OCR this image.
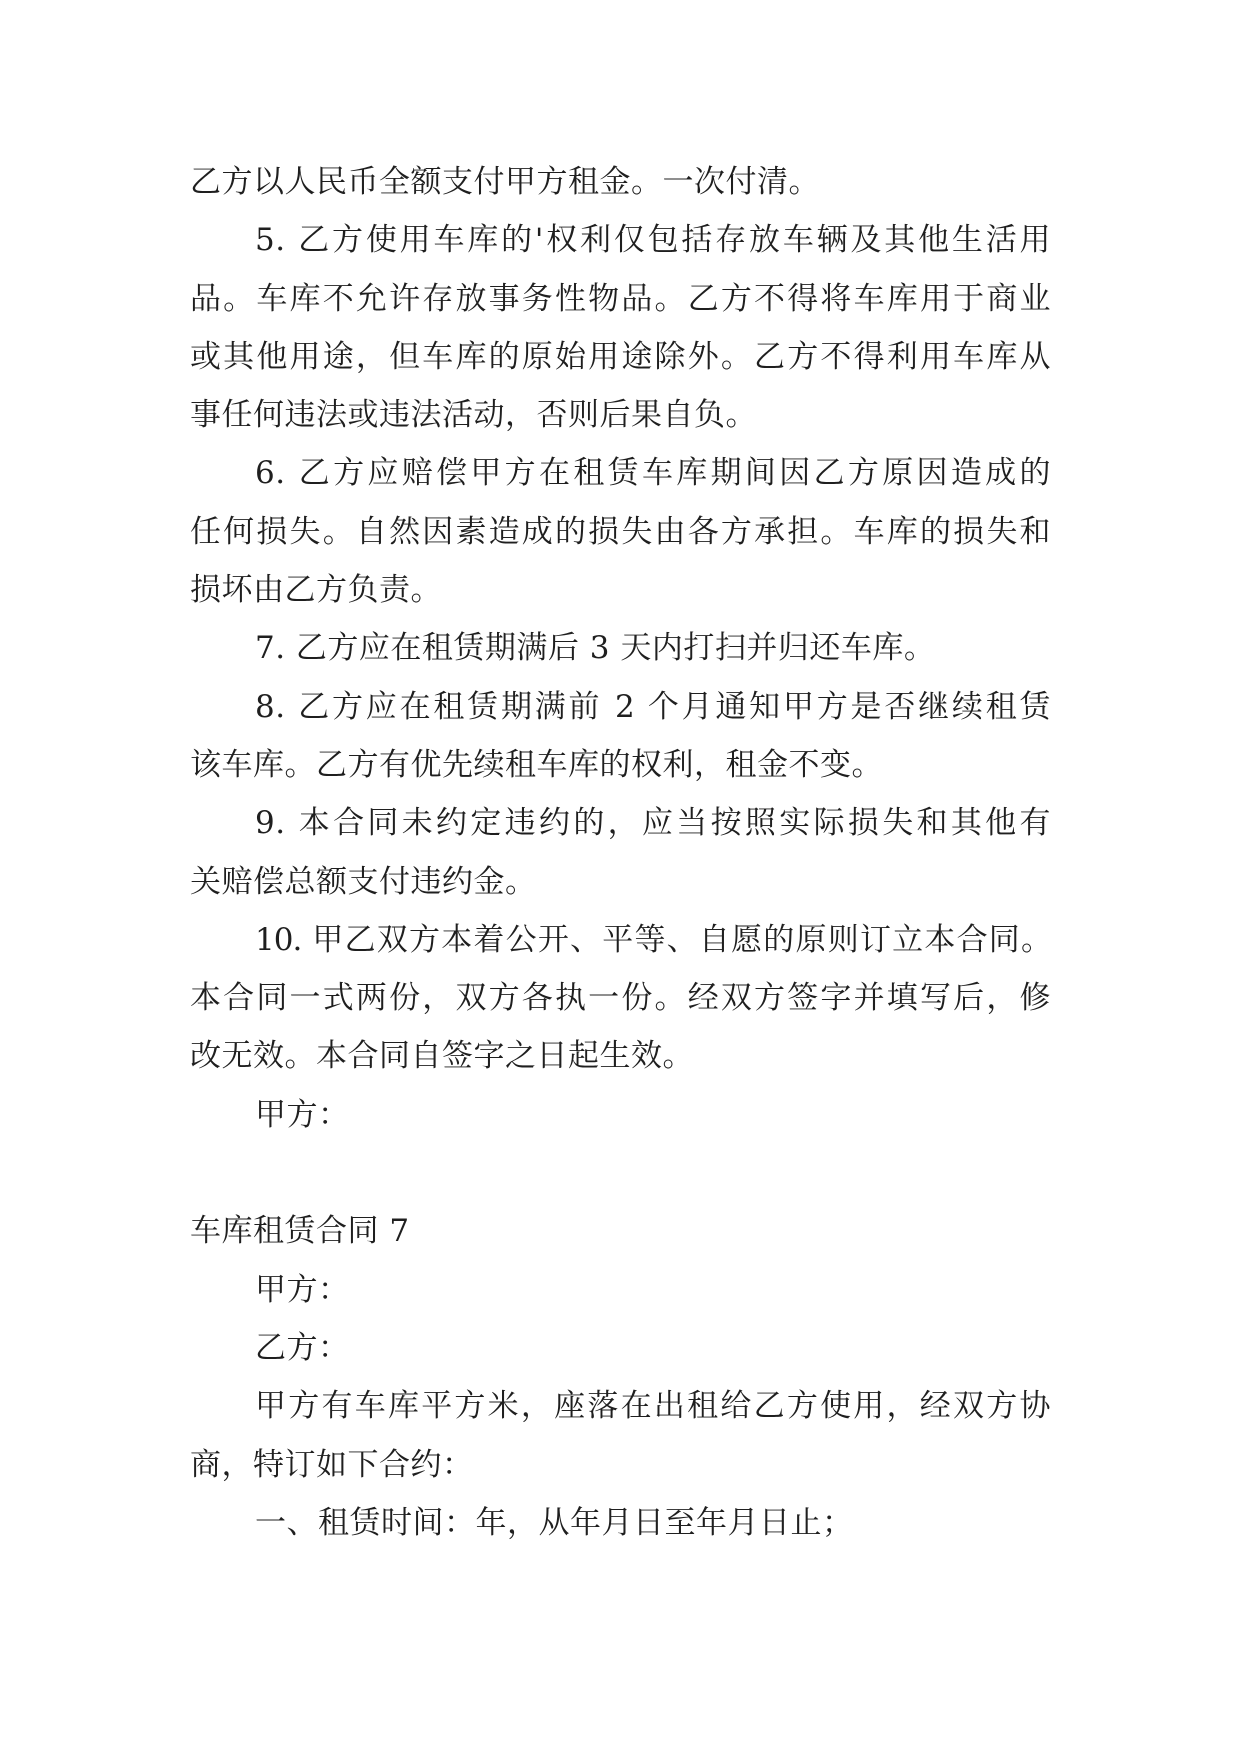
乙方以人民币全额支付甲方租金。一次付清。
5. 乙方使用车库的'权利仅包括存放车辆及其他生活用
品。车库不允许存放事务性物品。乙方不得将车库用于商业
或其他用途，但车库的原始用途除外。乙方不得利用车库从
事任何违法或违法活动，否则后果自负。
6. 乙方应赔偿甲方在租赁车库期间因乙方原因造成的
任何损失。自然因素造成的损失由各方承担。车库的损失和
损坏由乙方负责。
7. 乙方应在租赁期满后 3 天内打扫并归还车库。
8. 乙方应在租赁期满前 2 个月通知甲方是否继续租赁
该车库。乙方有优先续租车库的权利，租金不变。
9. 本合同未约定违约的，应当按照实际损失和其他有
关赔偿总额支付违约金。
10. 甲乙双方本着公开、平等、自愿的原则订立本合同。
本合同一式两份，双方各执一份。经双方签字并填写后，修
改无效。本合同自签字之日起生效。
甲方：
车库租赁合同 7
甲方：
乙方：
甲方有车库平方米，座落在出租给乙方使用，经双方协
商，特订如下合约：
一、租赁时间：年，从年月日至年月日止；
